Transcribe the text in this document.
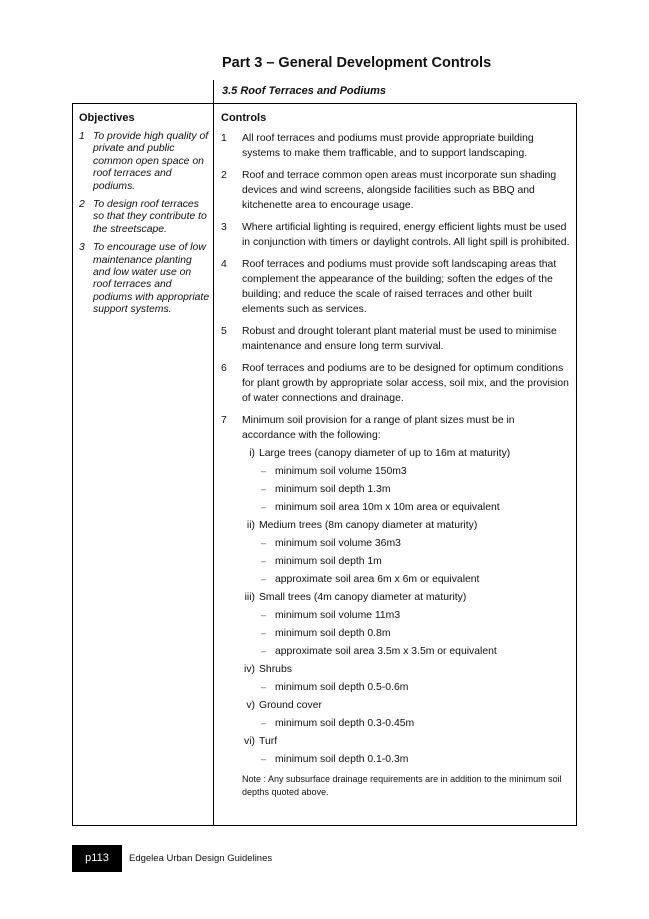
Part 3 – General Development Controls
3.5 Roof Terraces and Podiums
Objectives	Controls
1 To provide high quality of private and public common open space on roof terraces and podiums.
2 To design roof terraces so that they contribute to the streetscape.
3 To encourage use of low maintenance planting and low water use on roof terraces and podiums with appropriate support systems.
1 All roof terraces and podiums must provide appropriate building systems to make them trafficable, and to support landscaping.
2 Roof and terrace common open areas must incorporate sun shading devices and wind screens, alongside facilities such as BBQ and kitchenette area to encourage usage.
3 Where artificial lighting is required, energy efficient lights must be used in conjunction with timers or daylight controls. All light spill is prohibited.
4 Roof terraces and podiums must provide soft landscaping areas that complement the appearance of the building; soften the edges of the building; and reduce the scale of raised terraces and other built elements such as services.
5 Robust and drought tolerant plant material must be used to minimise maintenance and ensure long term survival.
6 Roof terraces and podiums are to be designed for optimum conditions for plant growth by appropriate solar access, soil mix, and the provision of water connections and drainage.
7 Minimum soil provision for a range of plant sizes must be in accordance with the following:
i) Large trees (canopy diameter of up to 16m at maturity)
– minimum soil volume 150m3
– minimum soil depth 1.3m
– minimum soil area 10m x 10m area or equivalent
ii) Medium trees (8m canopy diameter at maturity)
– minimum soil volume 36m3
– minimum soil depth 1m
– approximate soil area 6m x 6m or equivalent
iii) Small trees (4m canopy diameter at maturity)
– minimum soil volume 11m3
– minimum soil depth 0.8m
– approximate soil area 3.5m x 3.5m or equivalent
iv) Shrubs
– minimum soil depth 0.5-0.6m
v) Ground cover
– minimum soil depth 0.3-0.45m
vi) Turf
– minimum soil depth 0.1-0.3m
Note : Any subsurface drainage requirements are in addition to the minimum soil depths quoted above.
p113	Edgelea Urban Design Guidelines
